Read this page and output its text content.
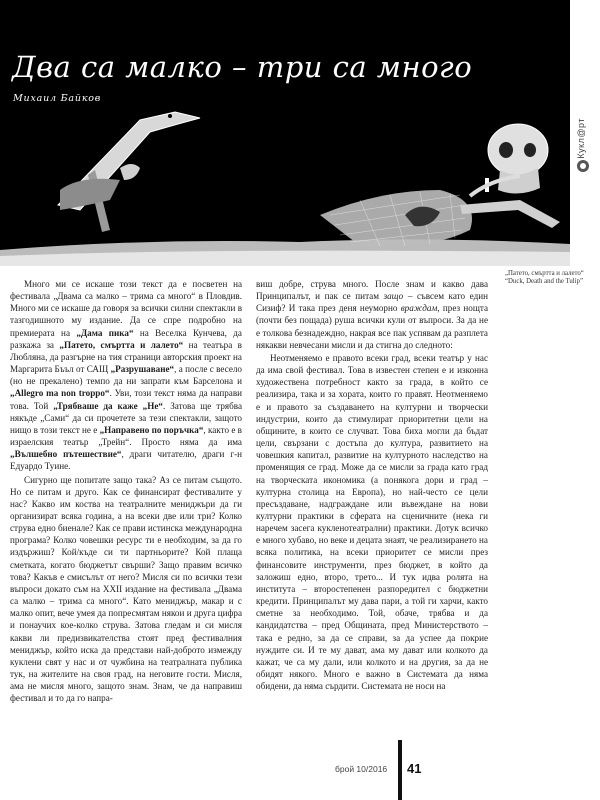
Два са малко – три са много
Михаил Байков
Кукл@рт
„Патето, смъртта и лалето“
“Duck, Death and the Tulip”

Много ми се искаше този текст да е посветен на фестивала „Двама са малко – трима са много“ в Пловдив. Много ми се искаше да говоря за всички силни спектакли в тазгодишното му издание. Да се спре подробно на премиерата на „Дама пика“ на Веселка Кунчева, да разкажа за „Патето, смъртта и лалето“ на театъра в Любляна, да разгърне на тия страници авторския проект на Маргарита Бъъл от САЩ „Разрушаване“, а после с весело (но не прекалено) темпо да ни запрати към Барселона и „Allegro ma non troppo“. Уви, този текст няма да направи това. Той „Трябваше да каже „Не“. Затова ще трябва някъде „Сами“ да си прочетете за тези спектакли, защото нищо в този текст не е „Направено по поръчка“, както е в израелския театър „Трейн“. Просто няма да има „Вълшебно пътешествие“, драги читателю, драги г-н Едуардо Туине.

Сигурно ще попитате защо така? Аз се питам същото. Но се питам и друго. Как се финансират фестивалите у нас? Каквo им коства на театралните мениджъри да ги организират всяка година, а на всеки две или три? Колко струва едно биенале? Как се прави истинска международна програма? Колко човешки ресурс ти е необходим, за да го издържиш? Кой/къде си ти партньорите? Кой плаща сметката, когато бюджетът свърши? Защо правим всичко това? Какъв е смисълът от него? Мисля си по всички тези въпроси докато съм на XXII издание на фестивала „Двама са малко – трима са много“. Като мениджър, макар и с малко опит, вече умея да попресмятам някои и друга цифра и понаучих кое-колко струва. Затова гледам и си мисля какви ли предизвикателства стоят пред фестивалния мениджър, който иска да представи най-доброто измежду куклени свят у нас и от чужбина на театралната публика тук, на жителите на своя град, на неговите гости. Мисля, ама не мисля много, защото знам. Знам, че да направиш фестивал и то да го напра-

виш добре, струва много. После знам и какво дава Принципалът, и пак се питам защо – съвсем като един Сизиф? И така през деня неуморно враждам, през нощта (почти без пощада) руша всички кули от въпроси. За да не е толкова безнадеждно, накрая все пак успявам да разплета някакви невчесани мисли и да стигна до следното:

Неотменяемо е правото всеки град, всеки театър у нас да има свой фестивал. Това в известен степен е и изконна художествена потребност както за града, в който се реализира, така и за хората, които го правят. Неотменяемо е и правото за създаването на културни и творчески индустрии, които да стимулират приоритетни цели на общините, в които се случват. Това биха могли да бъдат цели, свързани с достъпа до култура, развитието на човешкия капитал, развитие на културното наследство на променящия се град. Може да се мисли за града като град на творческата икономика (а понякога дори и град – културна столица на Европа), но най-често се цели пресъздаване, надграждане или въвеждане на нови културни практики в сферата на сценичните (нека ги наречем засега кукленотеатрални) практики. Дотук всичко е много хубаво, но веке и децата знаят, че реализирането на всяка политика, на всеки приоритет се мисли през финансовите инструменти, през бюджет, в който да заложиш едно, второ, трето... И тук идва ролята на института – второстепенен разпоредител с бюджетни кредити. Принципалът му дава пари, а той ги харчи, както сметне за необходимо. Той, обаче, трябва и да кандидатства – пред Общината, пред Министерството – така е редно, за да се справи, за да успее да покрие нуждите си. И те му дават, ама му дават или колкото да кажат, че са му дали, или колкото и на другия, за да не обидят някого. Много е важно в Системата да няма обидени, да няма сърдити. Системата не носи на

брой 10/2016 41
